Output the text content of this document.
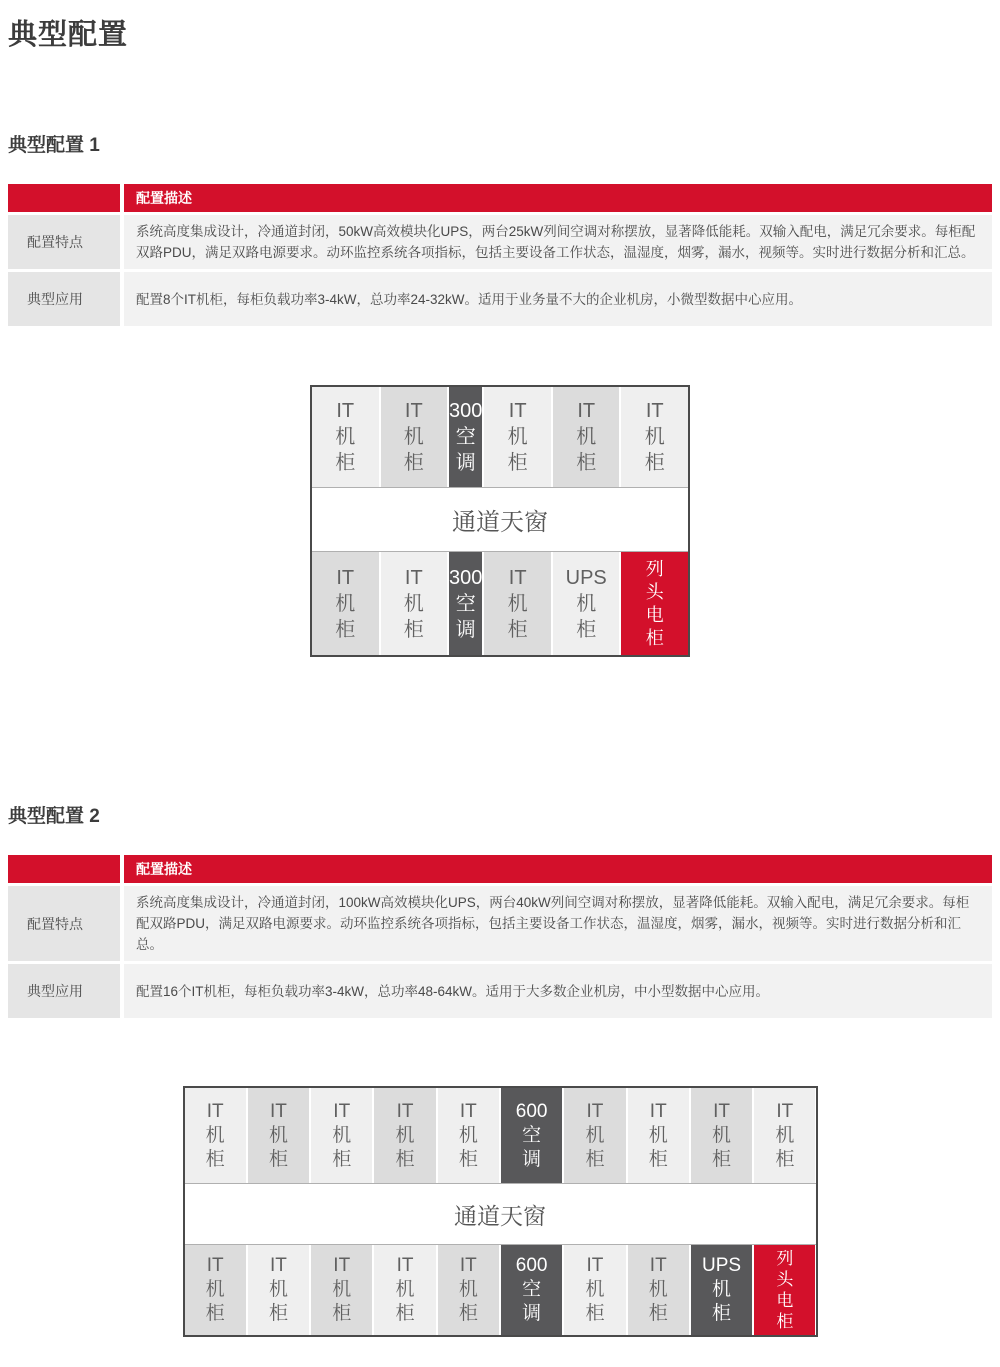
典型配置
典型配置 1
配置描述
配置特点
系统高度集成设计，冷通道封闭，50kW高效模块化UPS，两台25kW列间空调对称摆放，显著降低能耗。双输入配电，满足冗余要求。每柜配双路PDU，满足双路电源要求。动环监控系统各项指标，包括主要设备工作状态，温湿度，烟雾，漏水，视频等。实时进行数据分析和汇总。
典型应用	配置8个IT机柜，每柜负载功率3-4kW，总功率24-32kW。适用于业务量不大的企业机房，小微型数据中心应用。
IT
机
柜
IT
机
柜
300
空
调
IT
机
柜
IT
机
柜
IT
机
柜
通道天窗
IT
机
柜
IT
机
柜
300
空
调
IT
机
柜
UPS
机
柜
列
头
电
柜
典型配置 2
配置描述
配置特点
系统高度集成设计，冷通道封闭，100kW高效模块化UPS，两台40kW列间空调对称摆放，显著降低能耗。双输入配电，满足冗余要求。每柜配双路PDU，满足双路电源要求。动环监控系统各项指标，包括主要设备工作状态，温湿度，烟雾，漏水，视频等。实时进行数据分析和汇总。
典型应用	配置16个IT机柜，每柜负载功率3-4kW，总功率48-64kW。适用于大多数企业机房，中小型数据中心应用。
IT
机
柜
IT
机
柜
IT
机
柜
IT
机
柜
IT
机
柜
600
空
调
IT
机
柜
IT
机
柜
IT
机
柜
IT
机
柜
通道天窗
IT
机
柜
IT
机
柜
IT
机
柜
IT
机
柜
IT
机
柜
600
空
调
IT
机
柜
IT
机
柜
UPS
机
柜
列
头
电
柜
